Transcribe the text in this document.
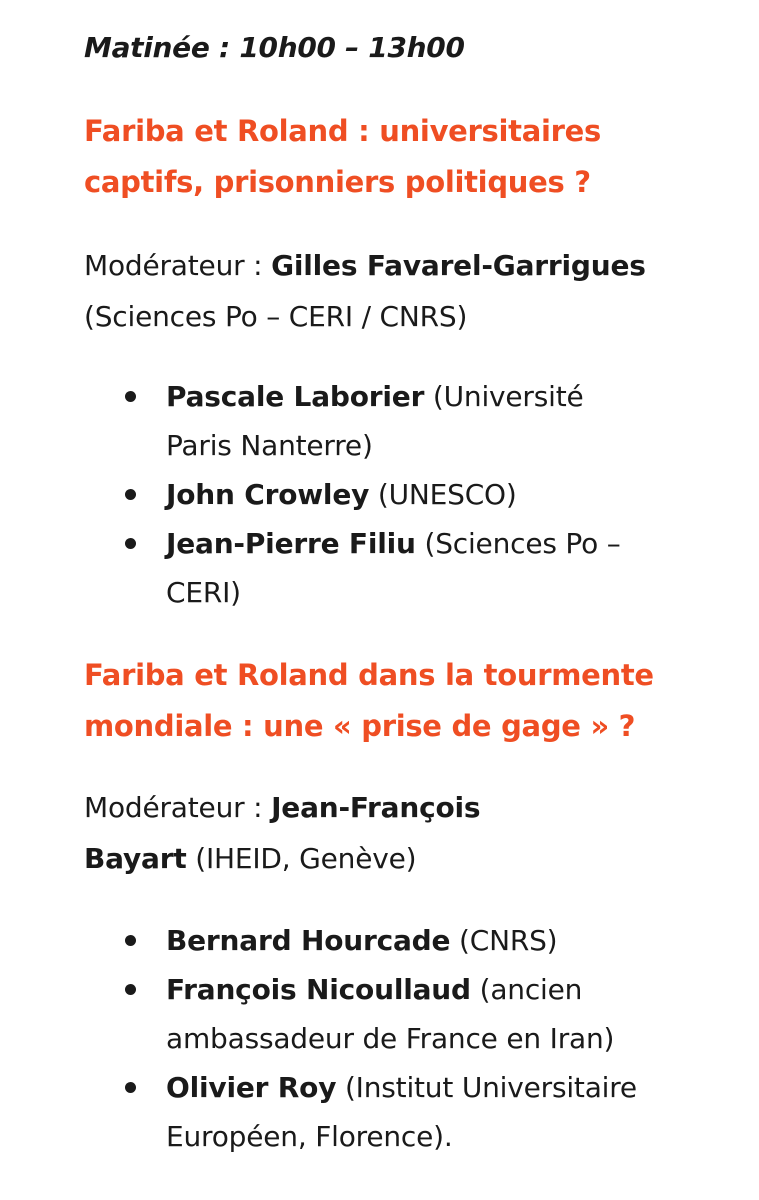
Matinée : 10h00 – 13h00
Fariba et Roland : universitaires captifs, prisonniers politiques ?
Modérateur : Gilles Favarel-Garrigues (Sciences Po – CERI / CNRS)
Pascale Laborier (Université Paris Nanterre)
John Crowley (UNESCO)
Jean-Pierre Filiu (Sciences Po – CERI)
Fariba et Roland dans la tourmente mondiale : une « prise de gage » ?
Modérateur : Jean-François Bayart (IHEID, Genève)
Bernard Hourcade (CNRS)
François Nicoullaud (ancien ambassadeur de France en Iran)
Olivier Roy (Institut Universitaire Européen, Florence).
